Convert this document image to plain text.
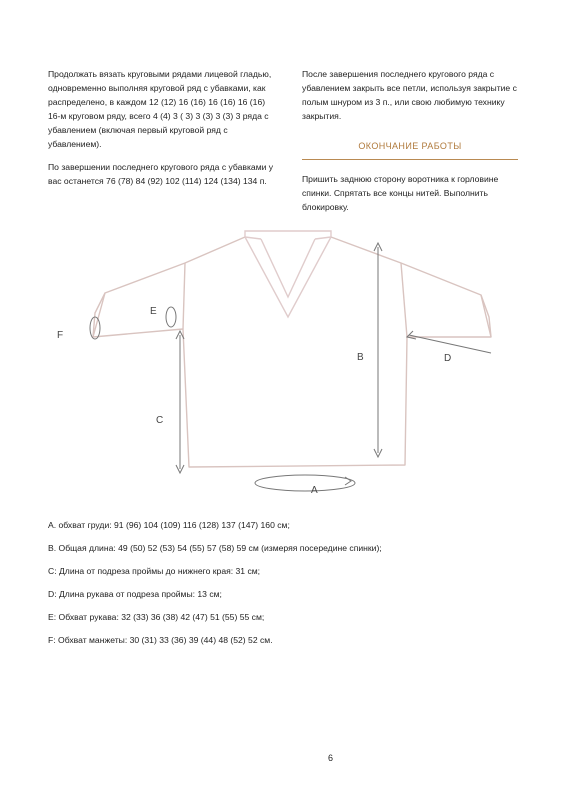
Продолжать вязать круговыми рядами лицевой гладью, одновременно выполняя круговой ряд с убавками, как распределено, в каждом 12 (12) 16 (16) 16 (16) 16 (16) 16-м круговом ряду, всего 4 (4) 3 ( 3) 3 (3) 3 (3) 3 ряда с убавлением (включая первый круговой ряд с убавлением).

По завершении последнего кругового ряда с убавками у вас останется 76 (78) 84 (92) 102 (114) 124 (134) 134 п.

После завершения последнего кругового ряда с убавлением закрыть все петли, используя закрытие с полым шнуром из 3 п., или свою любимую технику закрытия.

ОКОНЧАНИЕ РАБОТЫ

Пришить заднюю сторону воротника к горловине спинки. Спрятать все концы нитей. Выполнить блокировку.

A
B
C
D
E
F
A. обхват груди: 91 (96) 104 (109) 116 (128) 137 (147) 160 см;
B. Общая длина: 49 (50) 52 (53) 54 (55) 57 (58) 59 см (измеряя посередине спинки);
C: Длина от подреза проймы до нижнего края: 31 см;
D: Длина рукава от подреза проймы: 13 см;
E: Обхват рукава: 32 (33) 36 (38) 42 (47) 51 (55) 55 см;
F: Обхват манжеты: 30 (31) 33 (36) 39 (44) 48 (52) 52 см.
6
